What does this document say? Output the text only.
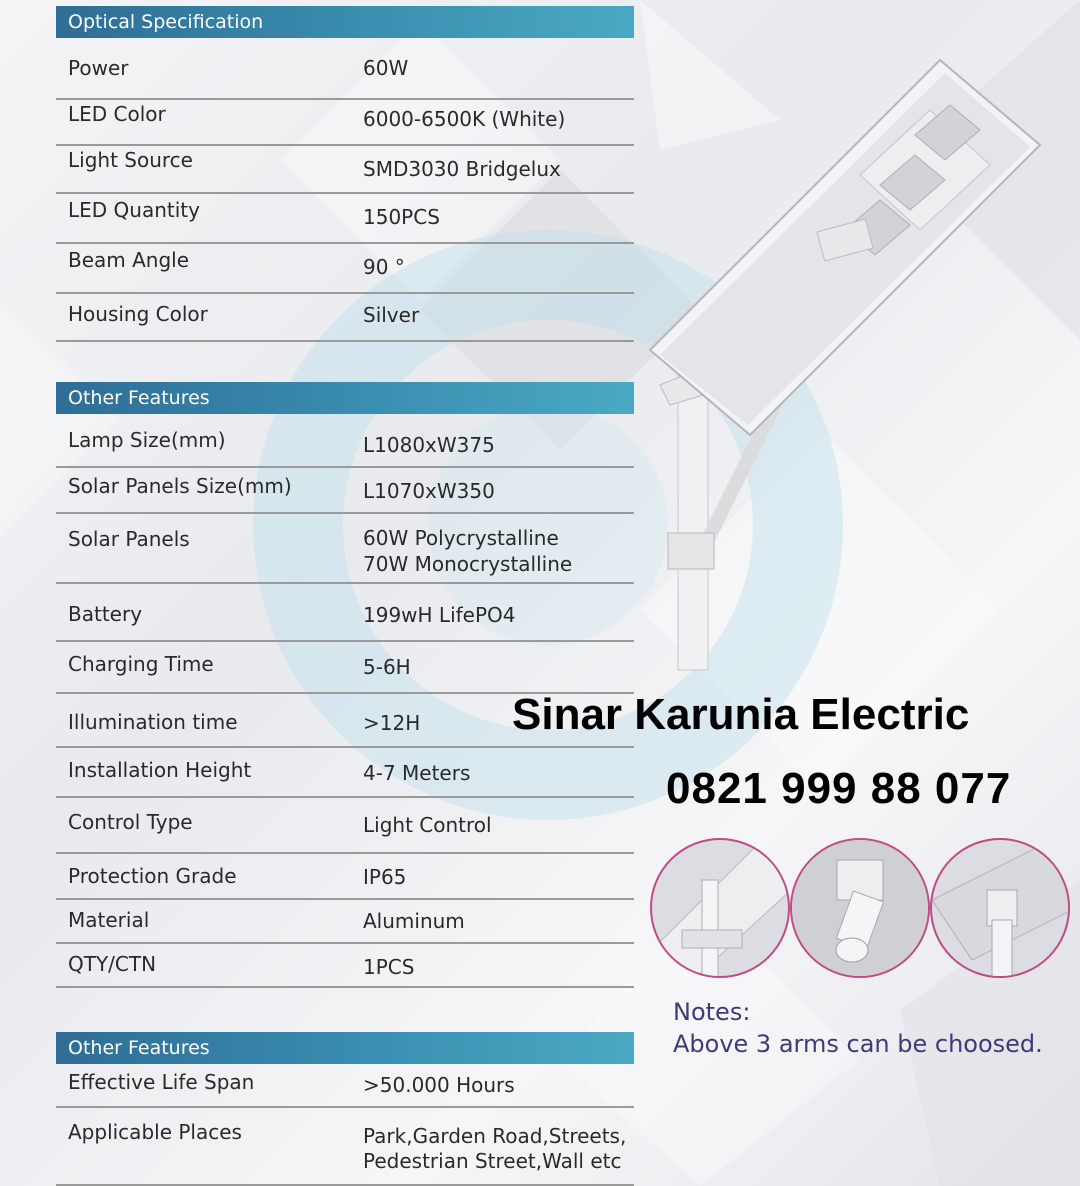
Optical Specification
Power	60W
LED Color	6000-6500K (White)
Light Source	SMD3030 Bridgelux
LED Quantity	150PCS
Beam Angle	90 °
Housing Color	Silver
Other Features
Lamp Size(mm)	L1080xW375
Solar Panels Size(mm)	L1070xW350
Solar Panels	60W Polycrystalline
70W Monocrystalline
Battery	199wH LifePO4
Charging Time	5-6H
Illumination time	>12H
Installation Height	4-7 Meters
Control Type	Light Control
Protection Grade	IP65
Material	Aluminum
QTY/CTN	1PCS
Other Features
Effective Life Span	>50.000 Hours
Applicable Places	Park,Garden Road,Streets,
Pedestrian Street,Wall etc
Sinar Karunia Electric
0821 999 88 077
Notes:
Above 3 arms can be choosed.
